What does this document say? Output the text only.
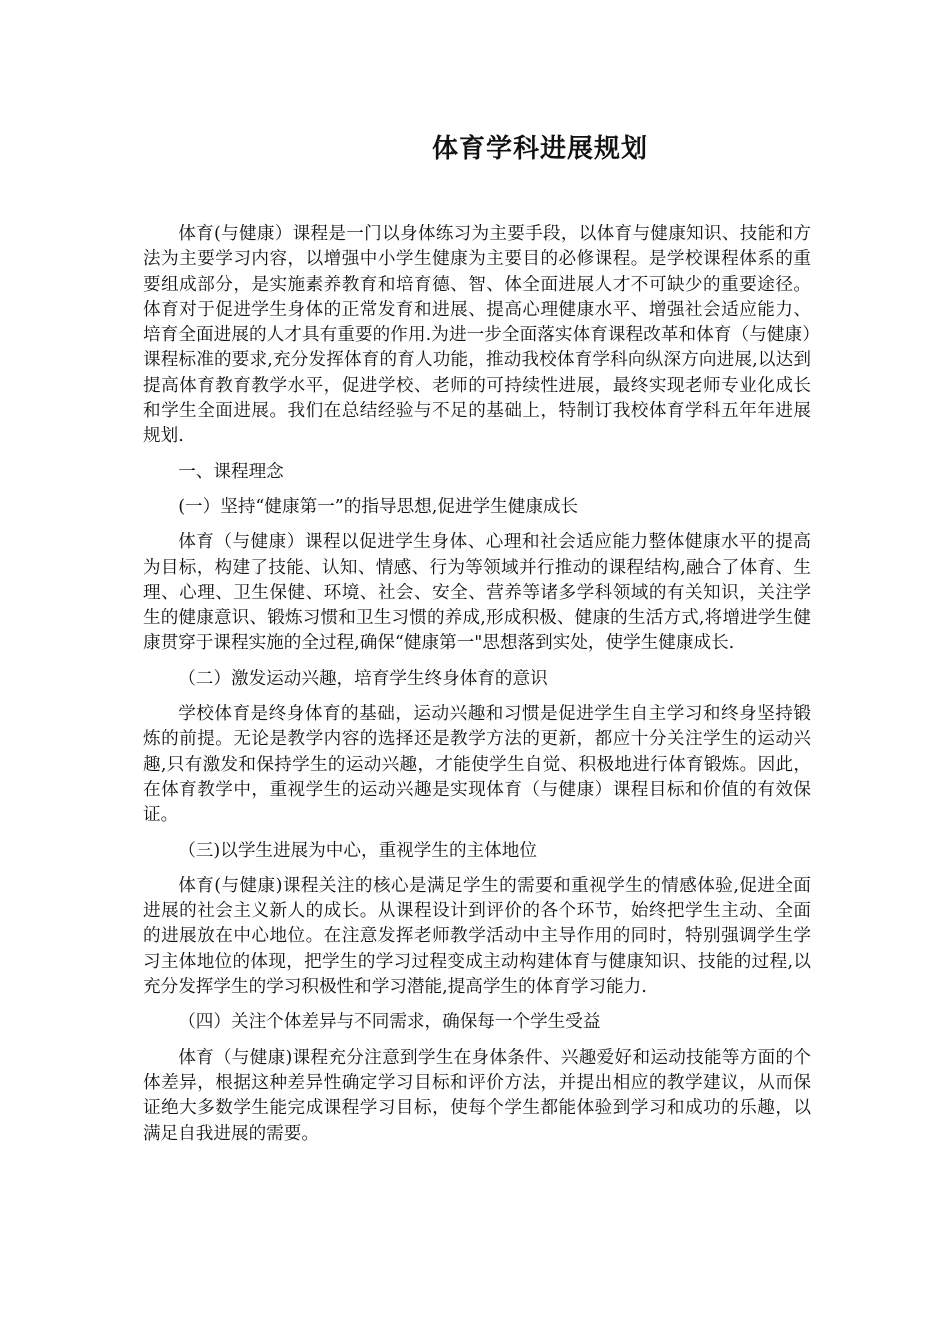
体育学科进展规划

体育(与健康）课程是一门以身体练习为主要手段，以体育与健康知识、技能和方法为主要学习内容，以增强中小学生健康为主要目的必修课程。是学校课程体系的重要组成部分，是实施素养教育和培育德、智、体全面进展人才不可缺少的重要途径。体育对于促进学生身体的正常发育和进展、提高心理健康水平、增强社会适应能力、培育全面进展的人才具有重要的作用.为进一步全面落实体育课程改革和体育（与健康）课程标准的要求,充分发挥体育的育人功能，推动我校体育学科向纵深方向进展,以达到提高体育教育教学水平，促进学校、老师的可持续性进展，最终实现老师专业化成长和学生全面进展。我们在总结经验与不足的基础上，特制订我校体育学科五年年进展规划.

一、课程理念

(一）坚持“健康第一”的指导思想,促进学生健康成长

体育（与健康）课程以促进学生身体、心理和社会适应能力整体健康水平的提高为目标，构建了技能、认知、情感、行为等领域并行推动的课程结构,融合了体育、生理、心理、卫生保健、环境、社会、安全、营养等诸多学科领域的有关知识，关注学生的健康意识、锻炼习惯和卫生习惯的养成,形成积极、健康的生活方式,将增进学生健康贯穿于课程实施的全过程,确保“健康第一"思想落到实处，使学生健康成长.

（二）激发运动兴趣，培育学生终身体育的意识

学校体育是终身体育的基础，运动兴趣和习惯是促进学生自主学习和终身坚持锻炼的前提。无论是教学内容的选择还是教学方法的更新，都应十分关注学生的运动兴趣,只有激发和保持学生的运动兴趣，才能使学生自觉、积极地进行体育锻炼。因此，在体育教学中，重视学生的运动兴趣是实现体育（与健康）课程目标和价值的有效保证。

（三)以学生进展为中心，重视学生的主体地位

体育(与健康)课程关注的核心是满足学生的需要和重视学生的情感体验,促进全面进展的社会主义新人的成长。从课程设计到评价的各个环节，始终把学生主动、全面的进展放在中心地位。在注意发挥老师教学活动中主导作用的同时，特别强调学生学习主体地位的体现，把学生的学习过程变成主动构建体育与健康知识、技能的过程,以充分发挥学生的学习积极性和学习潜能,提高学生的体育学习能力.

（四）关注个体差异与不同需求，确保每一个学生受益

体育（与健康)课程充分注意到学生在身体条件、兴趣爱好和运动技能等方面的个体差异，根据这种差异性确定学习目标和评价方法，并提出相应的教学建议，从而保证绝大多数学生能完成课程学习目标，使每个学生都能体验到学习和成功的乐趣，以满足自我进展的需要。
